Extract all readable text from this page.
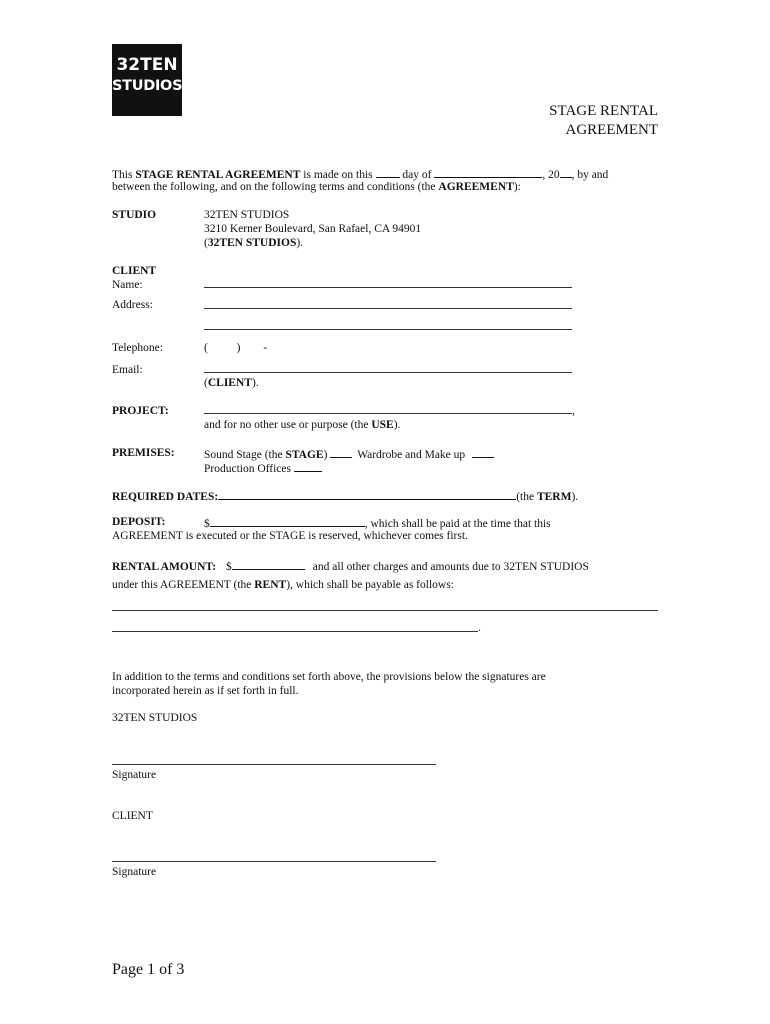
32TEN
STUDIOS
STAGE RENTAL
AGREEMENT
This STAGE RENTAL AGREEMENT is made on this  day of	, 20 , by and
between the following, and on the following terms and conditions (the AGREEMENT):
STUDIO	32TEN STUDIOS
3210 Kerner Boulevard, San Rafael, CA 94901
(32TEN STUDIOS).
CLIENT
Name:
Address:
Telephone:	(          )        -
Email:
(CLIENT).
PROJECT:	,
and for no other use or purpose (the USE).
PREMISES:	Sound Stage (the STAGE)	Wardrobe and Make up
Production Offices
REQUIRED DATES:	(the TERM).
DEPOSIT:	$	, which shall be paid at the time that this
AGREEMENT is executed or the STAGE is reserved, whichever comes first.
RENTAL AMOUNT: $	and all other charges and amounts due to 32TEN STUDIOS
under this AGREEMENT (the RENT), which shall be payable as follows:
.
In addition to the terms and conditions set forth above, the provisions below the signatures are
incorporated herein as if set forth in full.
32TEN STUDIOS
Signature
CLIENT
Signature
Page 1 of 3
